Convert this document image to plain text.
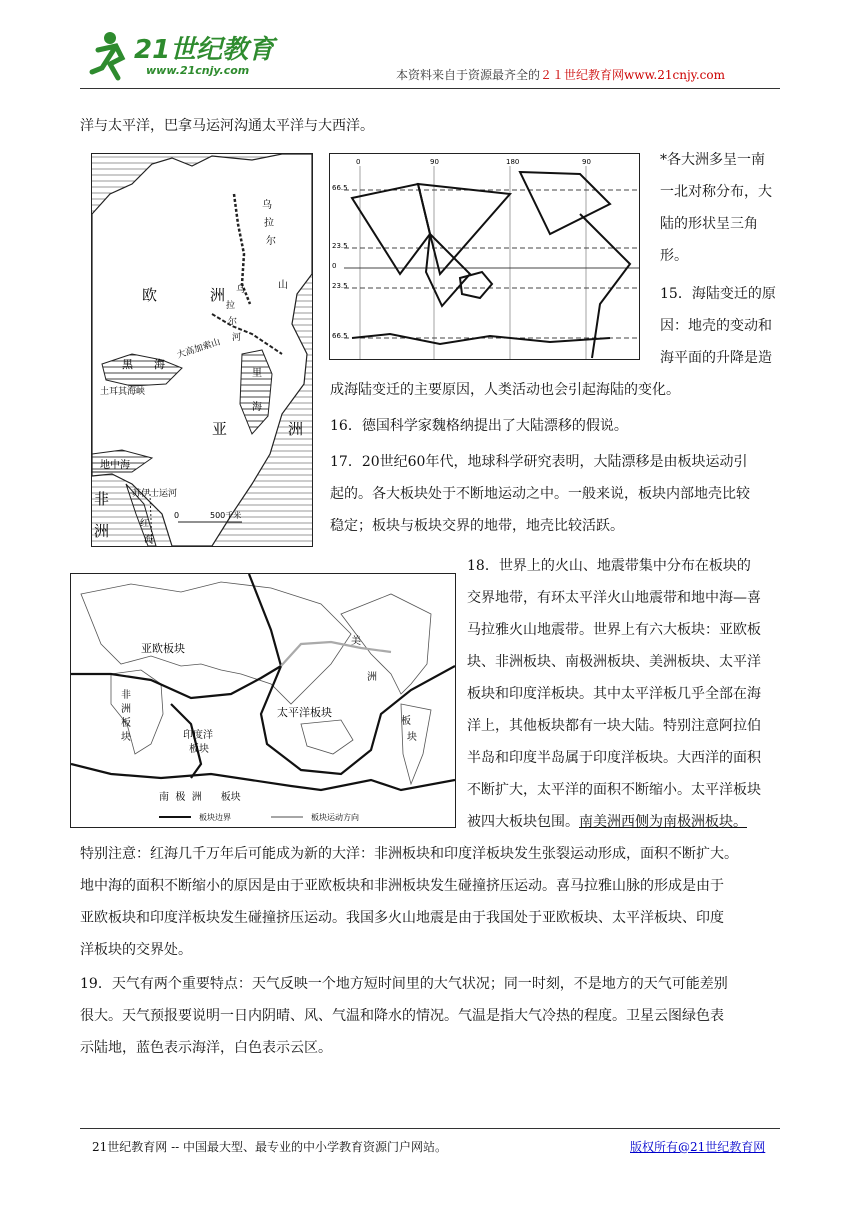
21世纪教育
www.21cnjy.com	本资料来自于资源最齐全的２１世纪教育网www.21cnjy.com
洋与太平洋，巴拿马运河沟通太平洋与大西洋。
欧	洲
亚	洲
非
洲
乌
拉
尔
山
乌
拉
尔
河
黑 海
大高加索山
里
海
土耳其海峡
地中海
苏伊士运河
红
海
0	500千米
0	90	180	90
66.5
23.5
0
23.5
66.5
*各大洲多呈一南
一北对称分布，大
陆的形状呈三角
形。
15．海陆变迁的原
因：地壳的变动和
海平面的升降是造
成海陆变迁的主要原因，人类活动也会引起海陆的变化。
16．德国科学家魏格纳提出了大陆漂移的假说。
17．20世纪60年代，地球科学研究表明，大陆漂移是由板块运动引
起的。各大板块处于不断地运动之中。一般来说，板块内部地壳比较
稳定；板块与板块交界的地带，地壳比较活跃。
亚欧板块
非
洲
板
块
太平洋板块
印度洋
板块
美
洲
板
块
南  极  洲      板块
板块边界	板块运动方向
18．世界上的火山、地震带集中分布在板块的
交界地带，有环太平洋火山地震带和地中海—喜
马拉雅火山地震带。世界上有六大板块：亚欧板
块、非洲板块、南极洲板块、美洲板块、太平洋
板块和印度洋板块。其中太平洋板几乎全部在海
洋上，其他板块都有一块大陆。特别注意阿拉伯
半岛和印度半岛属于印度洋板块。大西洋的面积
不断扩大，太平洋的面积不断缩小。太平洋板块
被四大板块包围。南美洲西侧为南极洲板块。
特别注意：红海几千万年后可能成为新的大洋：非洲板块和印度洋板块发生张裂运动形成，面积不断扩大。
地中海的面积不断缩小的原因是由于亚欧板块和非洲板块发生碰撞挤压运动。喜马拉雅山脉的形成是由于
亚欧板块和印度洋板块发生碰撞挤压运动。我国多火山地震是由于我国处于亚欧板块、太平洋板块、印度
洋板块的交界处。
19．天气有两个重要特点：天气反映一个地方短时间里的大气状况；同一时刻，不是地方的天气可能差别
很大。天气预报要说明一日内阴晴、风、气温和降水的情况。气温是指大气冷热的程度。卫星云图绿色表
示陆地，蓝色表示海洋，白色表示云区。
21世纪教育网 -- 中国最大型、最专业的中小学教育资源门户网站。	版权所有@21世纪教育网
